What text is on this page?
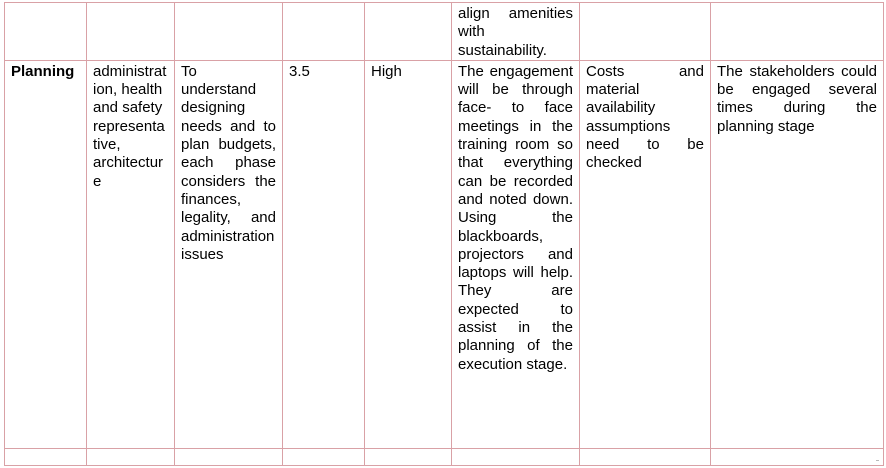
					align amenities with sustainability.		

Planning	administration, health and safety representative, architecture	To understand designing needs and to plan budgets, each phase considers the finances, legality, and administration issues	3.5	High	The engagement will be through face- to face meetings in the training room so that everything can be recorded and noted down. Using the blackboards, projectors and laptops will help. They are expected to assist in the planning of the execution stage.	Costs and material availability assumptions need to be checked	The stakeholders could be engaged several times during the planning stage
